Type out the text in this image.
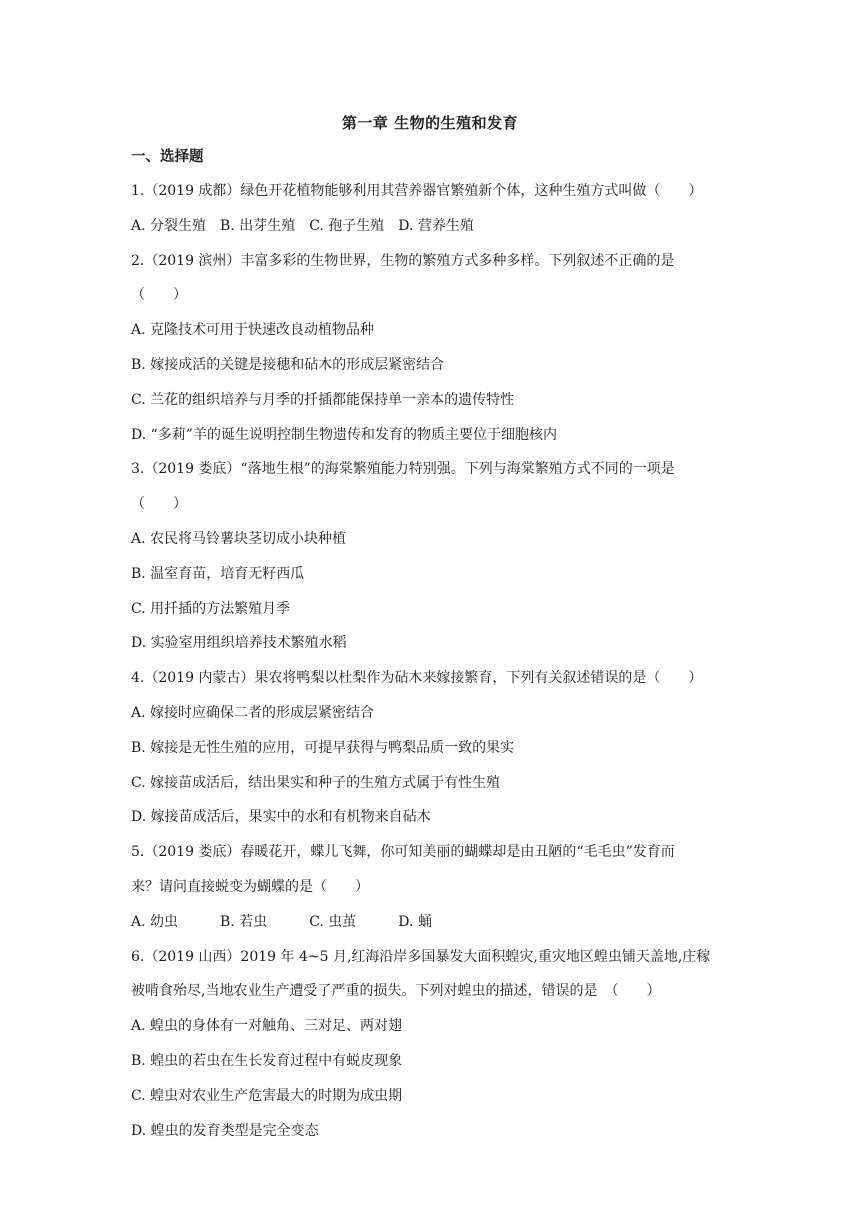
第一章 生物的生殖和发育
一、选择题
1.（2019 成都）绿色开花植物能够利用其营养器官繁殖新个体，这种生殖方式叫做（　　）
A. 分裂生殖　B. 出芽生殖　C. 孢子生殖　D. 营养生殖
2.（2019 滨州）丰富多彩的生物世界，生物的繁殖方式多种多样。下列叙述不正确的是
（　　）
A. 克隆技术可用于快速改良动植物品种
B. 嫁接成活的关键是接穗和砧木的形成层紧密结合
C. 兰花的组织培养与月季的扦插都能保持单一亲本的遗传特性
D. “多莉”羊的诞生说明控制生物遗传和发育的物质主要位于细胞核内
3.（2019 娄底）“落地生根”的海棠繁殖能力特别强。下列与海棠繁殖方式不同的一项是
（　　）
A. 农民将马铃薯块茎切成小块种植
B. 温室育苗，培育无籽西瓜
C. 用扦插的方法繁殖月季
D. 实验室用组织培养技术繁殖水稻
4.（2019 内蒙古）果农将鸭梨以杜梨作为砧木来嫁接繁育，下列有关叙述错误的是（　　）
A. 嫁接时应确保二者的形成层紧密结合
B. 嫁接是无性生殖的应用，可提早获得与鸭梨品质一致的果实
C. 嫁接苗成活后，结出果实和种子的生殖方式属于有性生殖
D. 嫁接苗成活后，果实中的水和有机物来自砧木
5.（2019 娄底）春暖花开，蝶儿飞舞，你可知美丽的蝴蝶却是由丑陋的“毛毛虫”发育而
来？请问直接蜕变为蝴蝶的是（　　）
A. 幼虫　　　B. 若虫　　　C. 虫茧　　　D. 蛹
6.（2019 山西）2019 年 4~5 月,红海沿岸多国暴发大面积蝗灾,重灾地区蝗虫铺天盖地,庄稼
被啃食殆尽,当地农业生产遭受了严重的损失。下列对蝗虫的描述，错误的是　（　　）
A. 蝗虫的身体有一对触角、三对足、两对翅
B. 蝗虫的若虫在生长发育过程中有蜕皮现象
C. 蝗虫对农业生产危害最大的时期为成虫期
D. 蝗虫的发育类型是完全变态
